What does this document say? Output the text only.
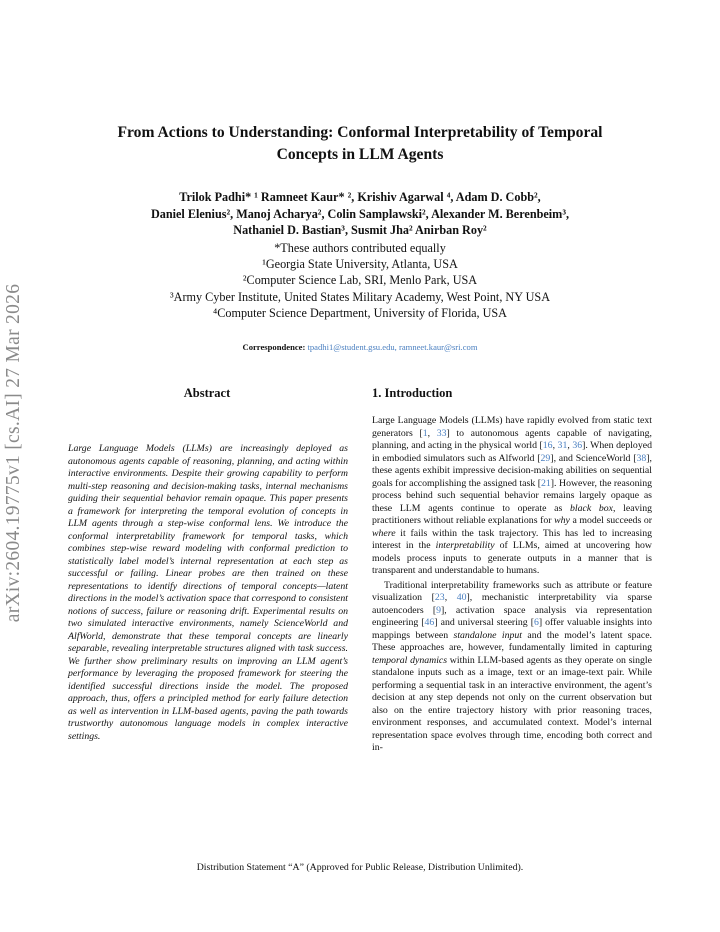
arXiv:2604.19775v1 [cs.AI] 27 Mar 2026
From Actions to Understanding: Conformal Interpretability of Temporal
Concepts in LLM Agents
Trilok Padhi* ¹ Ramneet Kaur* ², Krishiv Agarwal ⁴, Adam D. Cobb²,
Daniel Elenius², Manoj Acharya², Colin Samplawski², Alexander M. Berenbeim³,
Nathaniel D. Bastian³, Susmit Jha² Anirban Roy²
*These authors contributed equally
¹Georgia State University, Atlanta, USA
²Computer Science Lab, SRI, Menlo Park, USA
³Army Cyber Institute, United States Military Academy, West Point, NY USA
⁴Computer Science Department, University of Florida, USA
Correspondence: tpadhi1@student.gsu.edu, ramneet.kaur@sri.com
Abstract
Large Language Models (LLMs) are increasingly deployed as autonomous agents capable of reasoning, planning, and acting within interactive environments. Despite their growing capability to perform multi-step reasoning and decision-making tasks, internal mechanisms guiding their sequential behavior remain opaque. This paper presents a framework for interpreting the temporal evolution of concepts in LLM agents through a step-wise conformal lens. We introduce the conformal interpretability framework for temporal tasks, which combines step-wise reward modeling with conformal prediction to statistically label model’s internal representation at each step as successful or failing. Linear probes are then trained on these representations to identify directions of temporal concepts—latent directions in the model’s activation space that correspond to consistent notions of success, failure or reasoning drift. Experimental results on two simulated interactive environments, namely ScienceWorld and AlfWorld, demonstrate that these temporal concepts are linearly separable, revealing interpretable structures aligned with task success. We further show preliminary results on improving an LLM agent’s performance by leveraging the proposed framework for steering the identified successful directions inside the model. The proposed approach, thus, offers a principled method for early failure detection as well as intervention in LLM-based agents, paving the path towards trustworthy autonomous language models in complex interactive settings.
1. Introduction

Large Language Models (LLMs) have rapidly evolved from static text generators [1, 33] to autonomous agents capable of navigating, planning, and acting in the physical world [16, 31, 36]. When deployed in embodied simulators such as Alfworld [29], and ScienceWorld [38], these agents exhibit impressive decision-making abilities on sequential goals for accomplishing the assigned task [21]. However, the reasoning process behind such sequential behavior remains largely opaque as these LLM agents continue to operate as black box, leaving practitioners without reliable explanations for why a model succeeds or where it fails within the task trajectory. This has led to increasing interest in the interpretability of LLMs, aimed at uncovering how models process inputs to generate outputs in a manner that is transparent and understandable to humans.

Traditional interpretability frameworks such as attribute or feature visualization [23, 40], mechanistic interpretability via sparse autoencoders [9], activation space analysis via representation engineering [46] and universal steering [6] offer valuable insights into mappings between standalone input and the model’s latent space. These approaches are, however, fundamentally limited in capturing temporal dynamics within LLM-based agents as they operate on single standalone inputs such as a image, text or an image-text pair. While performing a sequential task in an interactive environment, the agent’s decision at any step depends not only on the current observation but also on the entire trajectory history with prior reasoning traces, environment responses, and accumulated context. Model’s internal representation space evolves through time, encoding both correct and in-

Distribution Statement “A” (Approved for Public Release, Distribution Unlimited).
